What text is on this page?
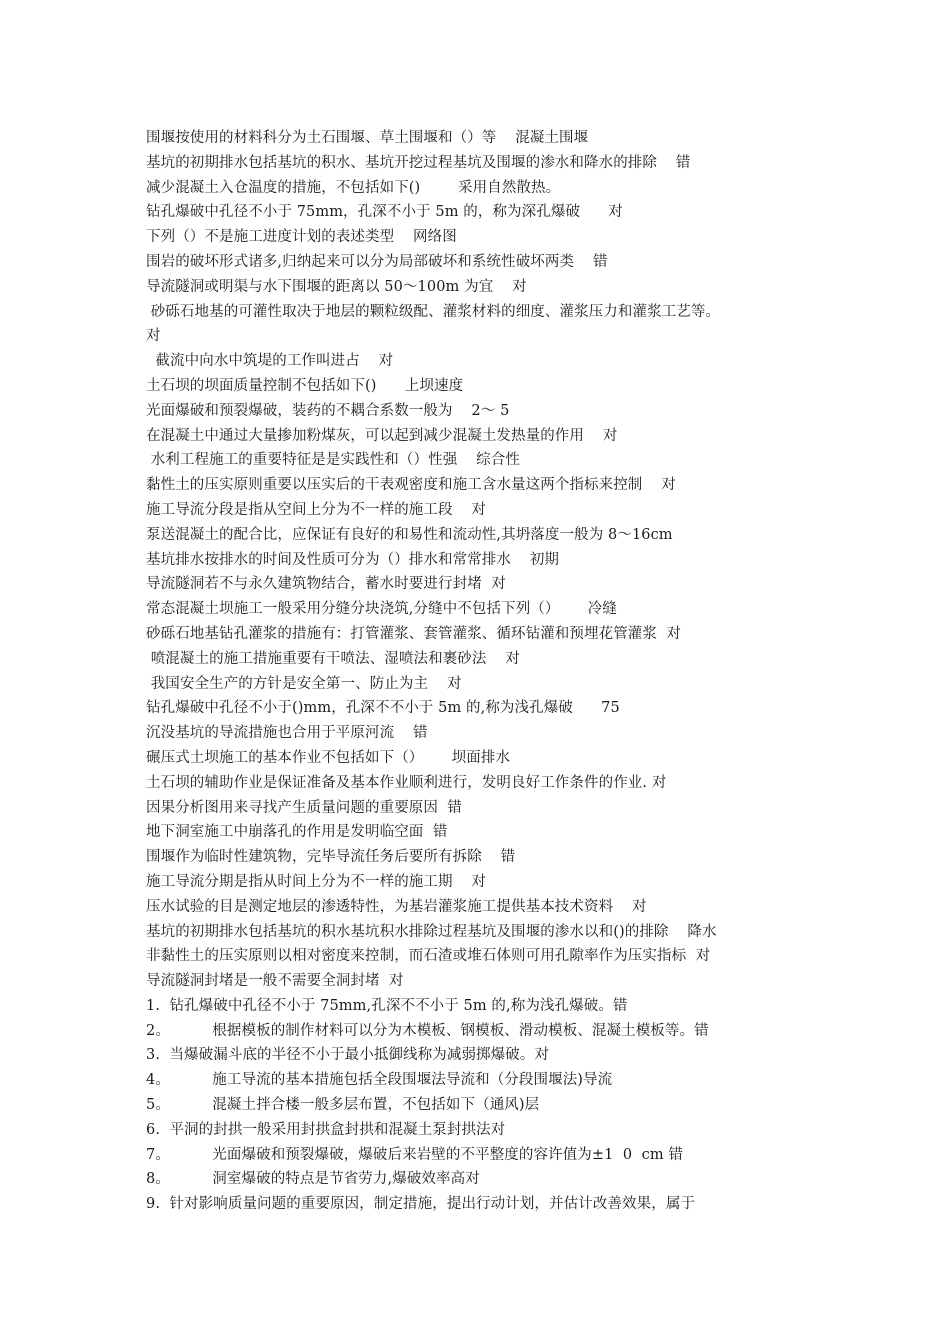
围堰按使用的材料科分为土石围堰、草土围堰和（）等    混凝土围堰
基坑的初期排水包括基坑的积水、基坑开挖过程基坑及围堰的渗水和降水的排除    错
减少混凝土入仓温度的措施，不包括如下()        采用自然散热。
钻孔爆破中孔径不小于 75mm，孔深不小于 5m 的，称为深孔爆破      对
下列（）不是施工进度计划的表述类型    网络图
围岩的破坏形式诸多,归纳起来可以分为局部破坏和系统性破坏两类    错
导流隧洞或明渠与水下围堰的距离以 50～100m 为宜    对
砂砾石地基的可灌性取决于地层的颗粒级配、灌浆材料的细度、灌浆压力和灌浆工艺等。
对
截流中向水中筑堤的工作叫进占    对
土石坝的坝面质量控制不包括如下()      上坝速度
光面爆破和预裂爆破，装药的不耦合系数一般为    2～ 5
在混凝土中通过大量掺加粉煤灰，可以起到减少混凝土发热量的作用    对
水利工程施工的重要特征是是实践性和（）性强    综合性
黏性土的压实原则重要以压实后的干表观密度和施工含水量这两个指标来控制    对
施工导流分段是指从空间上分为不一样的施工段    对
泵送混凝土的配合比，应保证有良好的和易性和流动性,其坍落度一般为 8～16cm
基坑排水按排水的时间及性质可分为（）排水和常常排水    初期
导流隧洞若不与永久建筑物结合，蓄水时要进行封堵  对
常态混凝土坝施工一般采用分缝分块浇筑,分缝中不包括下列（）      冷缝
砂砾石地基钻孔灌浆的措施有：打管灌浆、套管灌浆、循环钻灌和预埋花管灌浆  对
喷混凝土的施工措施重要有干喷法、湿喷法和裹砂法    对
我国安全生产的方针是安全第一、防止为主    对
钻孔爆破中孔径不小于()mm，孔深不不小于 5m 的,称为浅孔爆破      75
沉没基坑的导流措施也合用于平原河流    错
碾压式土坝施工的基本作业不包括如下（）      坝面排水
土石坝的辅助作业是保证准备及基本作业顺利进行，发明良好工作条件的作业. 对
因果分析图用来寻找产生质量问题的重要原因  错
地下洞室施工中崩落孔的作用是发明临空面  错
围堰作为临时性建筑物，完毕导流任务后要所有拆除    错
施工导流分期是指从时间上分为不一样的施工期    对
压水试验的目是测定地层的渗透特性，为基岩灌浆施工提供基本技术资料    对
基坑的初期排水包括基坑的积水基坑积水排除过程基坑及围堰的渗水以和()的排除    降水
非黏性土的压实原则以相对密度来控制，而石渣或堆石体则可用孔隙率作为压实指标  对
导流隧洞封堵是一般不需要全洞封堵  对
1.  钻孔爆破中孔径不小于 75mm,孔深不不小于 5m 的,称为浅孔爆破。错
2。         根据模板的制作材料可以分为木模板、钢模板、滑动模板、混凝土模板等。错
3.  当爆破漏斗底的半径不小于最小抵御线称为减弱掷爆破。对
4。         施工导流的基本措施包括全段围堰法导流和（分段围堰法)导流
5。         混凝土拌合楼一般多层布置，不包括如下（通风)层
6.  平洞的封拱一般采用封拱盒封拱和混凝土泵封拱法对
7。         光面爆破和预裂爆破，爆破后来岩壁的不平整度的容许值为±1  0  cm 错
8。         洞室爆破的特点是节省劳力,爆破效率高对
9.  针对影响质量问题的重要原因，制定措施，提出行动计划，并估计改善效果，属于
